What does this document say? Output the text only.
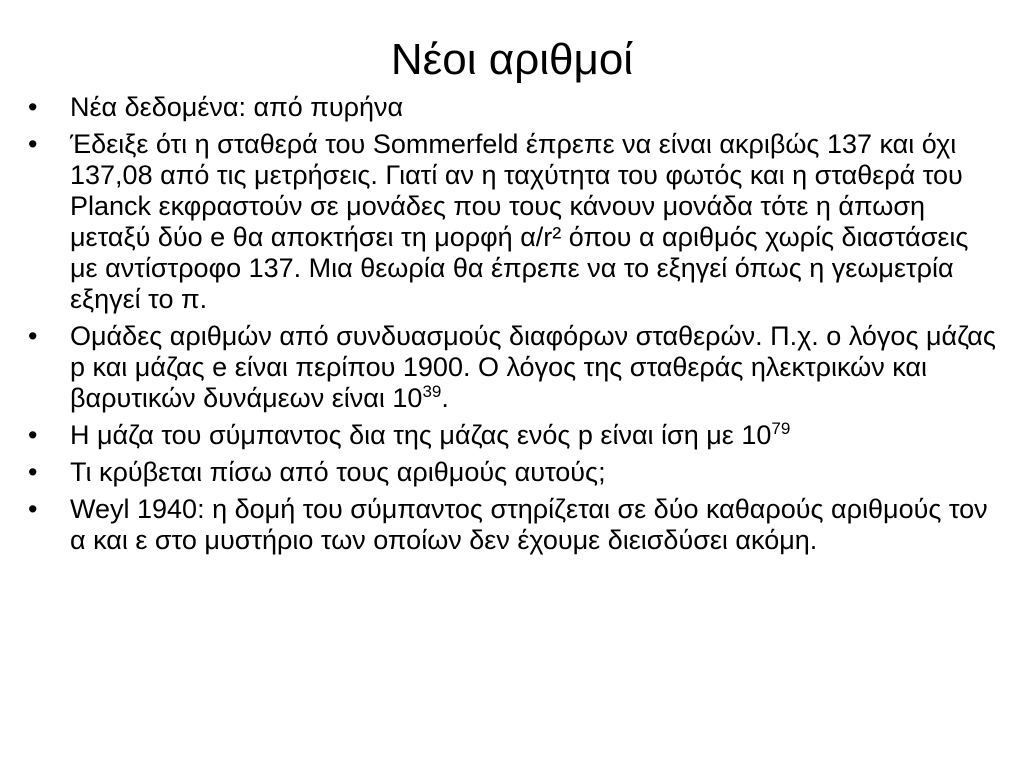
Νέοι αριθμοί
•	Νέα δεδομένα: από πυρήνα
•	Έδειξε ότι η σταθερά του Sommerfeld έπρεπε να είναι ακριβώς 137 και όχι 137,08 από τις μετρήσεις. Γιατί αν η ταχύτητα του φωτός και η σταθερά του Planck εκφραστούν σε μονάδες που τους κάνουν μονάδα τότε η άπωση μεταξύ δύο e θα αποκτήσει τη μορφή α/r² όπου α αριθμός χωρίς διαστάσεις με αντίστροφο 137. Μια θεωρία θα έπρεπε να το εξηγεί όπως η γεωμετρία εξηγεί το π.
•	Ομάδες αριθμών από συνδυασμούς διαφόρων σταθερών. Π.χ. ο λόγος μάζας p και μάζας e είναι περίπου 1900. Ο λόγος της σταθεράς ηλεκτρικών και βαρυτικών δυνάμεων είναι $10^{39}$.
•	Η μάζα του σύμπαντος δια της μάζας ενός p είναι ίση με $10^{79}$
•	Τι κρύβεται πίσω από τους αριθμούς αυτούς;
•	Weyl 1940: η δομή του σύμπαντος στηρίζεται σε δύο καθαρούς αριθμούς τον α και ε στο μυστήριο των οποίων δεν έχουμε διεισδύσει ακόμη.
